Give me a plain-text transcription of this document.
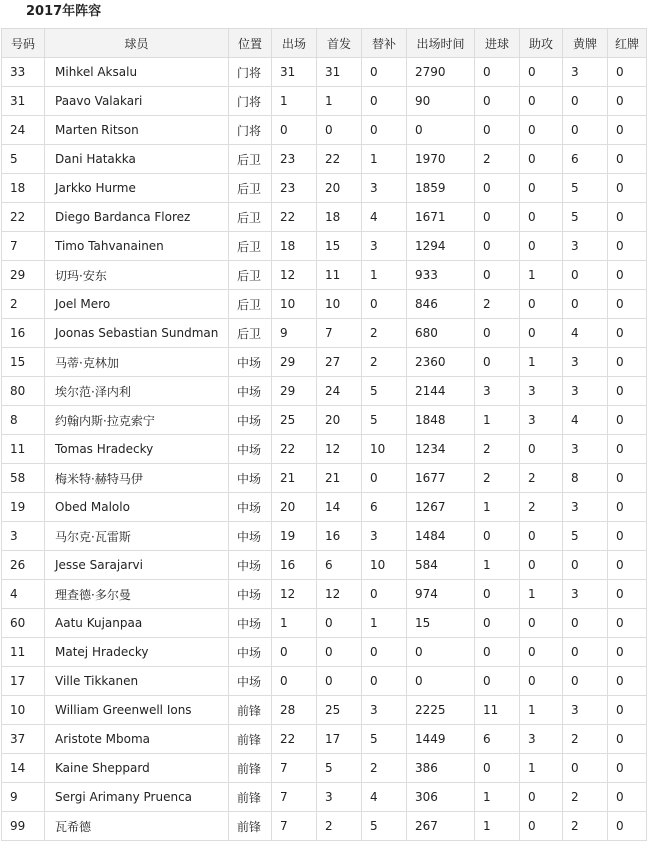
2017年阵容
号码	球员	位置	出场	首发	替补	出场时间	进球	助攻	黄牌	红牌
33	Mihkel Aksalu	门将	31	31	0	2790	0	0	3	0
31	Paavo Valakari	门将	1	1	0	90	0	0	0	0
24	Marten Ritson	门将	0	0	0	0	0	0	0	0
5	Dani Hatakka	后卫	23	22	1	1970	2	0	6	0
18	Jarkko Hurme	后卫	23	20	3	1859	0	0	5	0
22	Diego Bardanca Florez	后卫	22	18	4	1671	0	0	5	0
7	Timo Tahvanainen	后卫	18	15	3	1294	0	0	3	0
29	切玛·安东	后卫	12	11	1	933	0	1	0	0
2	Joel Mero	后卫	10	10	0	846	2	0	0	0
16	Joonas Sebastian Sundman	后卫	9	7	2	680	0	0	4	0
15	马蒂·克林加	中场	29	27	2	2360	0	1	3	0
80	埃尔范·泽内利	中场	29	24	5	2144	3	3	3	0
8	约翰内斯·拉克索宁	中场	25	20	5	1848	1	3	4	0
11	Tomas Hradecky	中场	22	12	10	1234	2	0	3	0
58	梅米特·赫特马伊	中场	21	21	0	1677	2	2	8	0
19	Obed Malolo	中场	20	14	6	1267	1	2	3	0
3	马尔克·瓦雷斯	中场	19	16	3	1484	0	0	5	0
26	Jesse Sarajarvi	中场	16	6	10	584	1	0	0	0
4	理查德·多尔曼	中场	12	12	0	974	0	1	3	0
60	Aatu Kujanpaa	中场	1	0	1	15	0	0	0	0
11	Matej Hradecky	中场	0	0	0	0	0	0	0	0
17	Ville Tikkanen	中场	0	0	0	0	0	0	0	0
10	William Greenwell Ions	前锋	28	25	3	2225	11	1	3	0
37	Aristote Mboma	前锋	22	17	5	1449	6	3	2	0
14	Kaine Sheppard	前锋	7	5	2	386	0	1	0	0
9	Sergi Arimany Pruenca	前锋	7	3	4	306	1	0	2	0
99	瓦希德	前锋	7	2	5	267	1	0	2	0
